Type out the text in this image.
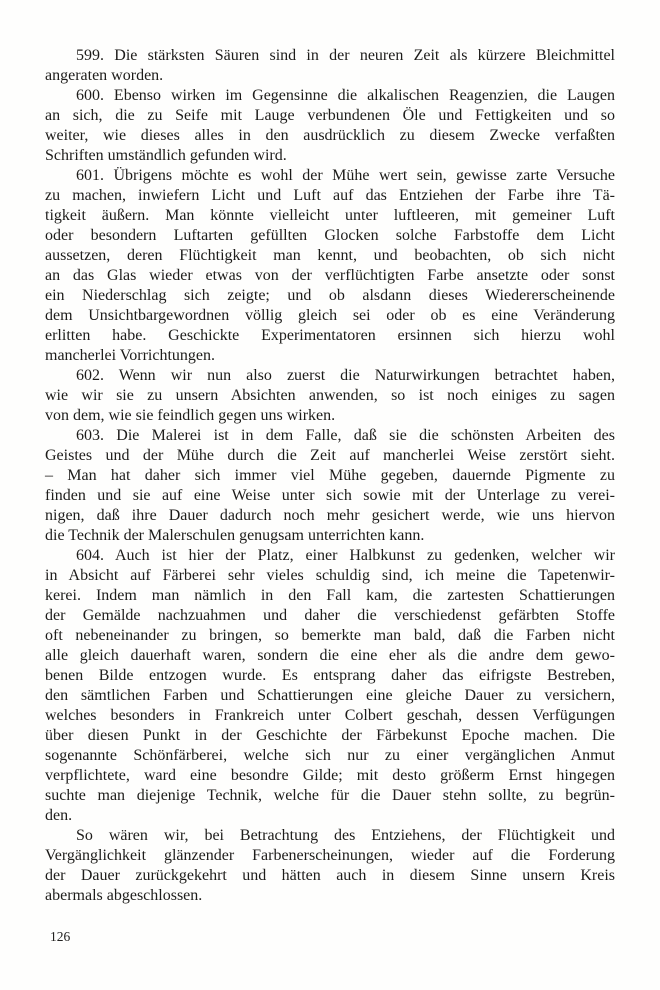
599. Die stärksten Säuren sind in der neuren Zeit als kürzere Bleichmittel
angeraten worden.
600. Ebenso wirken im Gegensinne die alkalischen Reagenzien, die Laugen
an sich, die zu Seife mit Lauge verbundenen Öle und Fettigkeiten und so
weiter, wie dieses alles in den ausdrücklich zu diesem Zwecke verfaßten
Schriften umständlich gefunden wird.
601. Übrigens möchte es wohl der Mühe wert sein, gewisse zarte Versuche
zu machen, inwiefern Licht und Luft auf das Entziehen der Farbe ihre Tä-
tigkeit äußern. Man könnte vielleicht unter luftleeren, mit gemeiner Luft
oder besondern Luftarten gefüllten Glocken solche Farbstoffe dem Licht
aussetzen, deren Flüchtigkeit man kennt, und beobachten, ob sich nicht
an das Glas wieder etwas von der verflüchtigten Farbe ansetzte oder sonst
ein Niederschlag sich zeigte; und ob alsdann dieses Wiedererscheinende
dem Unsichtbargewordnen völlig gleich sei oder ob es eine Veränderung
erlitten habe. Geschickte Experimentatoren ersinnen sich hierzu wohl
mancherlei Vorrichtungen.
602. Wenn wir nun also zuerst die Naturwirkungen betrachtet haben,
wie wir sie zu unsern Absichten anwenden, so ist noch einiges zu sagen
von dem, wie sie feindlich gegen uns wirken.
603. Die Malerei ist in dem Falle, daß sie die schönsten Arbeiten des
Geistes und der Mühe durch die Zeit auf mancherlei Weise zerstört sieht.
– Man hat daher sich immer viel Mühe gegeben, dauernde Pigmente zu
finden und sie auf eine Weise unter sich sowie mit der Unterlage zu verei-
nigen, daß ihre Dauer dadurch noch mehr gesichert werde, wie uns hiervon
die Technik der Malerschulen genugsam unterrichten kann.
604. Auch ist hier der Platz, einer Halbkunst zu gedenken, welcher wir
in Absicht auf Färberei sehr vieles schuldig sind, ich meine die Tapetenwir-
kerei. Indem man nämlich in den Fall kam, die zartesten Schattierungen
der Gemälde nachzuahmen und daher die verschiedenst gefärbten Stoffe
oft nebeneinander zu bringen, so bemerkte man bald, daß die Farben nicht
alle gleich dauerhaft waren, sondern die eine eher als die andre dem gewo-
benen Bilde entzogen wurde. Es entsprang daher das eifrigste Bestreben,
den sämtlichen Farben und Schattierungen eine gleiche Dauer zu versichern,
welches besonders in Frankreich unter Colbert geschah, dessen Verfügungen
über diesen Punkt in der Geschichte der Färbekunst Epoche machen. Die
sogenannte Schönfärberei, welche sich nur zu einer vergänglichen Anmut
verpflichtete, ward eine besondre Gilde; mit desto größerm Ernst hingegen
suchte man diejenige Technik, welche für die Dauer stehn sollte, zu begrün-
den.
So wären wir, bei Betrachtung des Entziehens, der Flüchtigkeit und
Vergänglichkeit glänzender Farbenerscheinungen, wieder auf die Forderung
der Dauer zurückgekehrt und hätten auch in diesem Sinne unsern Kreis
abermals abgeschlossen.
126
